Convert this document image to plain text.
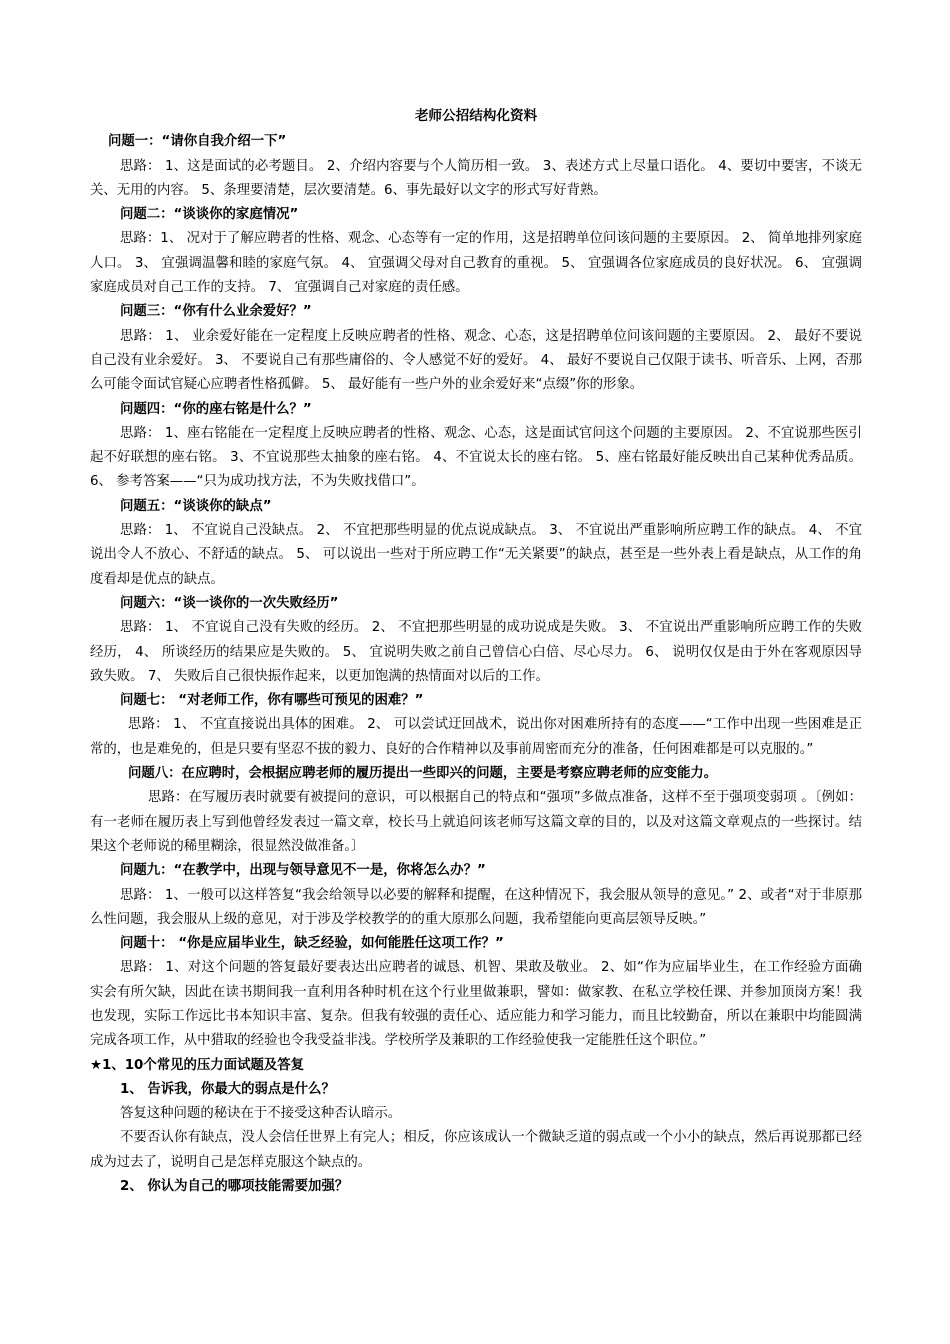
老师公招结构化资料
问题一：“请你自我介绍一下”
思路： 1、这是面试的必考题目。 2、介绍内容要与个人简历相一致。 3、表述方式上尽量口语化。 4、要切中要害，不谈无关、无用的内容。 5、条理要清楚，层次要清楚。6、事先最好以文字的形式写好背熟。
问题二：“谈谈你的家庭情况”
思路：1、 况对于了解应聘者的性格、观念、心态等有一定的作用，这是招聘单位问该问题的主要原因。 2、 简单地排列家庭人口。 3、 宜强调温馨和睦的家庭气氛。 4、 宜强调父母对自己教育的重视。 5、 宜强调各位家庭成员的良好状况。 6、 宜强调家庭成员对自己工作的支持。 7、 宜强调自己对家庭的责任感。
问题三：“你有什么业余爱好？”
思路： 1、 业余爱好能在一定程度上反映应聘者的性格、观念、心态，这是招聘单位问该问题的主要原因。 2、 最好不要说自己没有业余爱好。 3、 不要说自己有那些庸俗的、令人感觉不好的爱好。 4、 最好不要说自己仅限于读书、听音乐、上网，否那么可能令面试官疑心应聘者性格孤僻。 5、 最好能有一些户外的业余爱好来“点缀”你的形象。
问题四：“你的座右铭是什么？”
思路： 1、座右铭能在一定程度上反映应聘者的性格、观念、心态，这是面试官问这个问题的主要原因。 2、不宜说那些医引起不好联想的座右铭。 3、不宜说那些太抽象的座右铭。 4、不宜说太长的座右铭。 5、座右铭最好能反映出自己某种优秀品质。 6、 参考答案——“只为成功找方法，不为失败找借口”。
问题五：“谈谈你的缺点”
思路： 1、 不宜说自己没缺点。 2、 不宜把那些明显的优点说成缺点。 3、 不宜说出严重影响所应聘工作的缺点。 4、 不宜说出令人不放心、不舒适的缺点。 5、 可以说出一些对于所应聘工作“无关紧要”的缺点，甚至是一些外表上看是缺点，从工作的角度看却是优点的缺点。
问题六：“谈一谈你的一次失败经历”
思路： 1、 不宜说自己没有失败的经历。 2、 不宜把那些明显的成功说成是失败。 3、 不宜说出严重影响所应聘工作的失败经历， 4、 所谈经历的结果应是失败的。 5、 宜说明失败之前自己曾信心白倍、尽心尽力。 6、 说明仅仅是由于外在客观原因导致失败。 7、 失败后自己很快振作起来，以更加饱满的热情面对以后的工作。
问题七： “对老师工作，你有哪些可预见的困难？”
思路： 1、 不宜直接说出具体的困难。 2、 可以尝试迂回战术，说出你对困难所持有的态度——“工作中出现一些困难是正常的，也是难免的，但是只要有坚忍不拔的毅力、良好的合作精神以及事前周密而充分的准备，任何困难都是可以克服的。”
问题八：在应聘时，会根据应聘老师的履历提出一些即兴的问题，主要是考察应聘老师的应变能力。
思路：在写履历表时就要有被提问的意识，可以根据自己的特点和“强项”多做点准备，这样不至于强项变弱项 。〔例如：有一老师在履历表上写到他曾经发表过一篇文章，校长马上就追问该老师写这篇文章的目的，以及对这篇文章观点的一些探讨。结果这个老师说的稀里糊涂，很显然没做准备。〕
问题九：“在教学中，出现与领导意见不一是，你将怎么办？”
思路： 1、一般可以这样答复“我会给领导以必要的解释和提醒，在这种情况下，我会服从领导的意见。” 2、或者“对于非原那么性问题，我会服从上级的意见，对于涉及学校教学的的重大原那么问题，我希望能向更高层领导反映。”
问题十： “你是应届毕业生，缺乏经验，如何能胜任这项工作？”
思路： 1、对这个问题的答复最好要表达出应聘者的诚恳、机智、果敢及敬业。 2、如“作为应届毕业生，在工作经验方面确实会有所欠缺，因此在读书期间我一直利用各种时机在这个行业里做兼职，譬如：做家教、在私立学校任课、并参加顶岗方案！我也发现，实际工作远比书本知识丰富、复杂。但我有较强的责任心、适应能力和学习能力，而且比较勤奋，所以在兼职中均能圆满完成各项工作，从中猎取的经验也令我受益非浅。学校所学及兼职的工作经验使我一定能胜任这个职位。”
★1、10个常见的压力面试题及答复
1、 告诉我，你最大的弱点是什么？
答复这种问题的秘诀在于不接受这种否认暗示。
不要否认你有缺点，没人会信任世界上有完人；相反，你应该成认一个微缺乏道的弱点或一个小小的缺点，然后再说那都已经成为过去了，说明自己是怎样克服这个缺点的。
2、 你认为自己的哪项技能需要加强？
